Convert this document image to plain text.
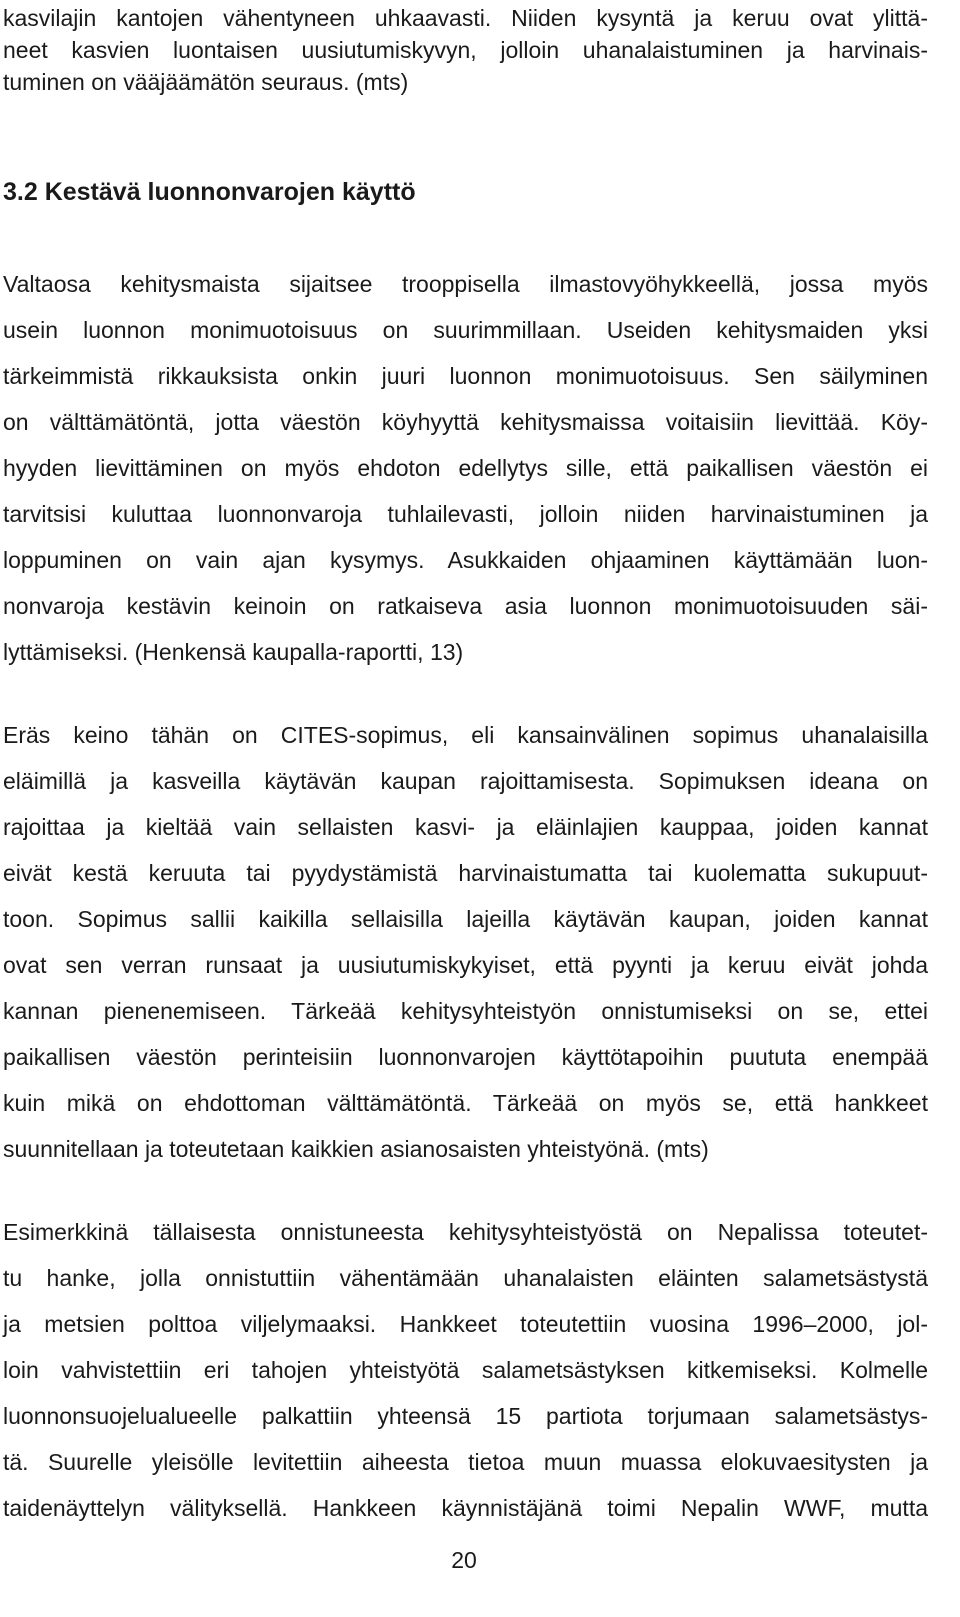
kasvilajin kantojen vähentyneen uhkaavasti. Niiden kysyntä ja keruu ovat ylittä-
neet kasvien luontaisen uusiutumiskyvyn, jolloin uhanalaistuminen ja harvinais-
tuminen on vääjäämätön seuraus. (mts)
3.2 Kestävä luonnonvarojen käyttö
Valtaosa kehitysmaista sijaitsee trooppisella ilmastovyöhykkeellä, jossa myös
usein luonnon monimuotoisuus on suurimmillaan. Useiden kehitysmaiden yksi
tärkeimmistä rikkauksista onkin juuri luonnon monimuotoisuus. Sen säilyminen
on välttämätöntä, jotta väestön köyhyyttä kehitysmaissa voitaisiin lievittää. Köy-
hyyden lievittäminen on myös ehdoton edellytys sille, että paikallisen väestön ei
tarvitsisi kuluttaa luonnonvaroja tuhlailevasti, jolloin niiden harvinaistuminen ja
loppuminen on vain ajan kysymys. Asukkaiden ohjaaminen käyttämään luon-
nonvaroja kestävin keinoin on ratkaiseva asia luonnon monimuotoisuuden säi-
lyttämiseksi. (Henkensä kaupalla-raportti, 13)
Eräs keino tähän on CITES-sopimus, eli kansainvälinen sopimus uhanalaisilla
eläimillä ja kasveilla käytävän kaupan rajoittamisesta. Sopimuksen ideana on
rajoittaa ja kieltää vain sellaisten kasvi- ja eläinlajien kauppaa, joiden kannat
eivät kestä keruuta tai pyydystämistä harvinaistumatta tai kuolematta sukupuut-
toon. Sopimus sallii kaikilla sellaisilla lajeilla käytävän kaupan, joiden kannat
ovat sen verran runsaat ja uusiutumiskykyiset, että pyynti ja keruu eivät johda
kannan pienenemiseen. Tärkeää kehitysyhteistyön onnistumiseksi on se, ettei
paikallisen väestön perinteisiin luonnonvarojen käyttötapoihin puututa enempää
kuin mikä on ehdottoman välttämätöntä. Tärkeää on myös se, että hankkeet
suunnitellaan ja toteutetaan kaikkien asianosaisten yhteistyönä. (mts)
Esimerkkinä tällaisesta onnistuneesta kehitysyhteistyöstä on Nepalissa toteutet-
tu hanke, jolla onnistuttiin vähentämään uhanalaisten eläinten salametsästystä
ja metsien polttoa viljelymaaksi. Hankkeet toteutettiin vuosina 1996–2000, jol-
loin vahvistettiin eri tahojen yhteistyötä salametsästyksen kitkemiseksi. Kolmelle
luonnonsuojelualueelle palkattiin yhteensä 15 partiota torjumaan salametsästys-
tä. Suurelle yleisölle levitettiin aiheesta tietoa muun muassa elokuvaesitysten ja
taidenäyttelyn välityksellä. Hankkeen käynnistäjänä toimi Nepalin WWF, mutta
20
